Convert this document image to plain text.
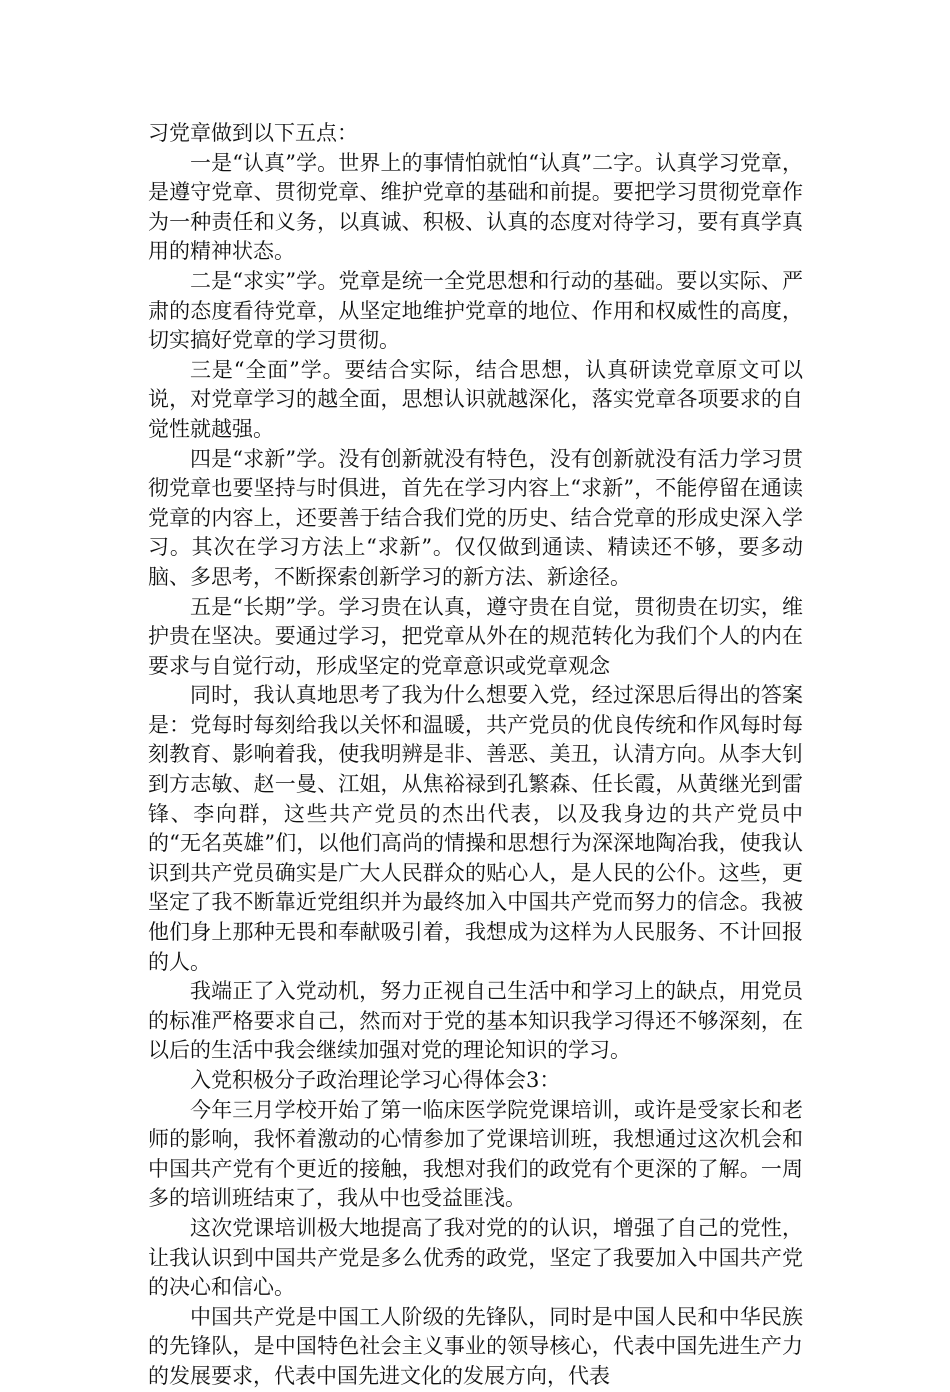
习党章做到以下五点：

一是“认真”学。世界上的事情怕就怕“认真”二字。认真学习党章，是遵守党章、贯彻党章、维护党章的基础和前提。要把学习贯彻党章作为一种责任和义务，以真诚、积极、认真的态度对待学习，要有真学真用的精神状态。

二是“求实”学。党章是统一全党思想和行动的基础。要以实际、严肃的态度看待党章，从坚定地维护党章的地位、作用和权威性的高度，切实搞好党章的学习贯彻。

三是“全面”学。要结合实际，结合思想，认真研读党章原文可以说，对党章学习的越全面，思想认识就越深化，落实党章各项要求的自觉性就越强。

四是“求新”学。没有创新就没有特色，没有创新就没有活力学习贯彻党章也要坚持与时俱进，首先在学习内容上“求新”，不能停留在通读党章的内容上，还要善于结合我们党的历史、结合党章的形成史深入学习。其次在学习方法上“求新”。仅仅做到通读、精读还不够，要多动脑、多思考，不断探索创新学习的新方法、新途径。

五是“长期”学。学习贵在认真，遵守贵在自觉，贯彻贵在切实，维护贵在坚决。要通过学习，把党章从外在的规范转化为我们个人的内在要求与自觉行动，形成坚定的党章意识或党章观念

同时，我认真地思考了我为什么想要入党，经过深思后得出的答案是：党每时每刻给我以关怀和温暖，共产党员的优良传统和作风每时每刻教育、影响着我，使我明辨是非、善恶、美丑，认清方向。从李大钊到方志敏、赵一曼、江姐，从焦裕禄到孔繁森、任长霞，从黄继光到雷锋、李向群，这些共产党员的杰出代表，以及我身边的共产党员中的“无名英雄”们，以他们高尚的情操和思想行为深深地陶冶我，使我认识到共产党员确实是广大人民群众的贴心人，是人民的公仆。这些，更坚定了我不断靠近党组织并为最终加入中国共产党而努力的信念。我被他们身上那种无畏和奉献吸引着，我想成为这样为人民服务、不计回报的人。

我端正了入党动机，努力正视自己生活中和学习上的缺点，用党员的标准严格要求自己，然而对于党的基本知识我学习得还不够深刻，在以后的生活中我会继续加强对党的理论知识的学习。

入党积极分子政治理论学习心得体会3：

今年三月学校开始了第一临床医学院党课培训，或许是受家长和老师的影响，我怀着激动的心情参加了党课培训班，我想通过这次机会和中国共产党有个更近的接触，我想对我们的政党有个更深的了解。一周多的培训班结束了，我从中也受益匪浅。

这次党课培训极大地提高了我对党的的认识，增强了自己的党性，让我认识到中国共产党是多么优秀的政党，坚定了我要加入中国共产党的决心和信心。

中国共产党是中国工人阶级的先锋队，同时是中国人民和中华民族的先锋队，是中国特色社会主义事业的领导核心，代表中国先进生产力的发展要求，代表中国先进文化的发展方向，代表
